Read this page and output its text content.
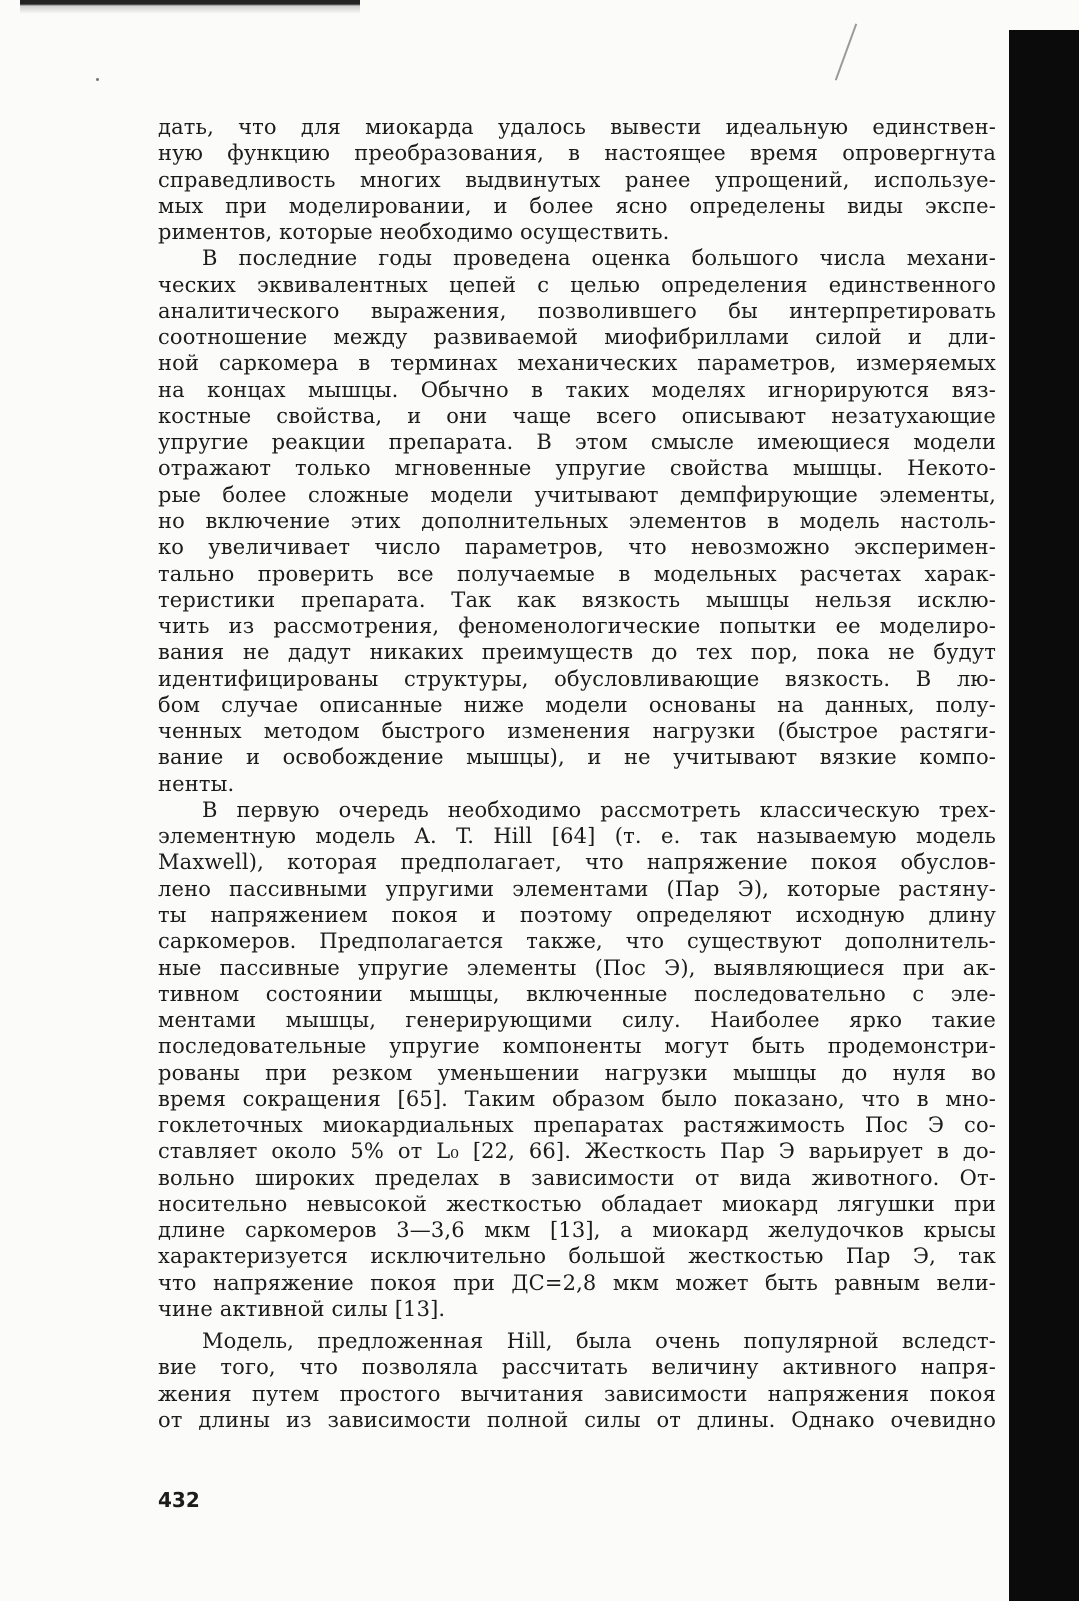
дать, что для миокарда удалось вывести идеальную единствен-
ную функцию преобразования, в настоящее время опровергнута
справедливость многих выдвинутых ранее упрощений, используе-
мых при моделировании, и более ясно определены виды экспе-
риментов, которые необходимо осуществить.
В последние годы проведена оценка большого числа механи-
ческих эквивалентных цепей с целью определения единственного
аналитического выражения, позволившего бы интерпретировать
соотношение между развиваемой миофибриллами силой и дли-
ной саркомера в терминах механических параметров, измеряемых
на концах мышцы. Обычно в таких моделях игнорируются вяз-
костные свойства, и они чаще всего описывают незатухающие
упругие реакции препарата. В этом смысле имеющиеся модели
отражают только мгновенные упругие свойства мышцы. Некото-
рые более сложные модели учитывают демпфирующие элементы,
но включение этих дополнительных элементов в модель настоль-
ко увеличивает число параметров, что невозможно эксперимен-
тально проверить все получаемые в модельных расчетах харак-
теристики препарата. Так как вязкость мышцы нельзя исклю-
чить из рассмотрения, феноменологические попытки ее моделиро-
вания не дадут никаких преимуществ до тех пор, пока не будут
идентифицированы структуры, обусловливающие вязкость. В лю-
бом случае описанные ниже модели основаны на данных, полу-
ченных методом быстрого изменения нагрузки (быстрое растяги-
вание и освобождение мышцы), и не учитывают вязкие компо-
ненты.
В первую очередь необходимо рассмотреть классическую трех-
элементную модель A. T. Hill [64] (т. е. так называемую модель
Maxwell), которая предполагает, что напряжение покоя обуслов-
лено пассивными упругими элементами (Пар Э), которые растяну-
ты напряжением покоя и поэтому определяют исходную длину
саркомеров. Предполагается также, что существуют дополнитель-
ные пассивные упругие элементы (Пос Э), выявляющиеся при ак-
тивном состоянии мышцы, включенные последовательно с эле-
ментами мышцы, генерирующими силу. Наиболее ярко такие
последовательные упругие компоненты могут быть продемонстри-
рованы при резком уменьшении нагрузки мышцы до нуля во
время сокращения [65]. Таким образом было показано, что в мно-
гоклеточных миокардиальных препаратах растяжимость Пос Э со-
ставляет около 5% от L₀ [22, 66]. Жесткость Пар Э варьирует в до-
вольно широких пределах в зависимости от вида животного. От-
носительно невысокой жесткостью обладает миокард лягушки при
длине саркомеров 3—3,6 мкм [13], а миокард желудочков крысы
характеризуется исключительно большой жесткостью Пар Э, так
что напряжение покоя при ДС=2,8 мкм может быть равным вели-
чине активной силы [13].
Модель, предложенная Hill, была очень популярной вследст-
вие того, что позволяла рассчитать величину активного напря-
жения путем простого вычитания зависимости напряжения покоя
от длины из зависимости полной силы от длины. Однако очевидно
432
